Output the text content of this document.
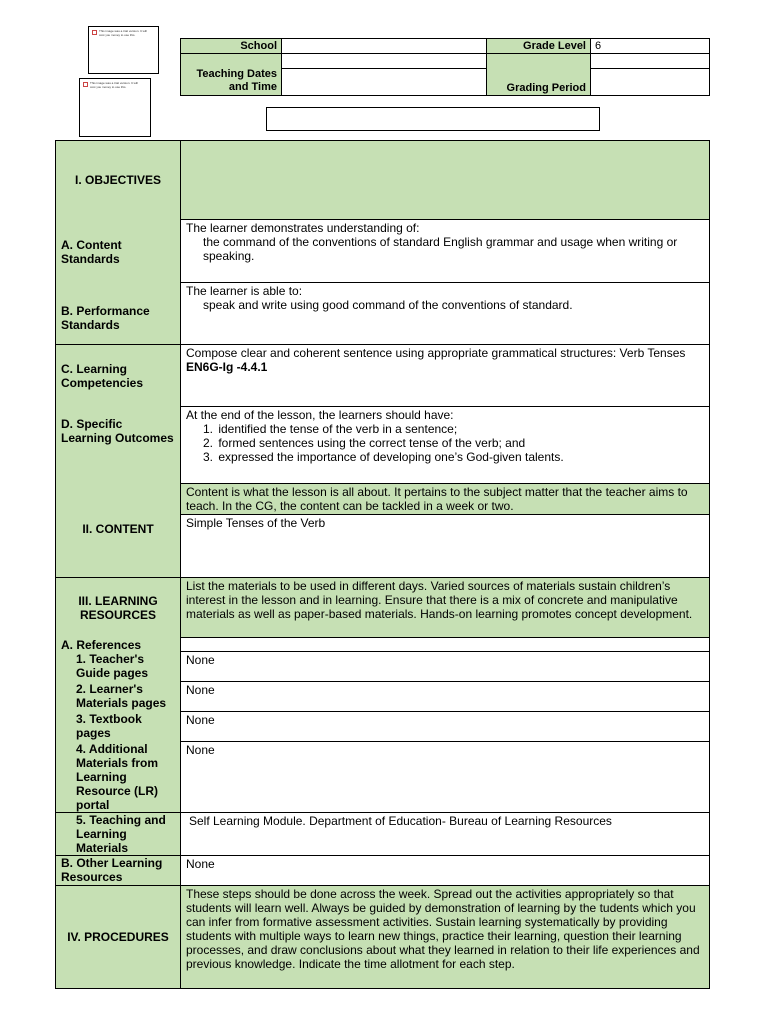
This image was a trial version. It will cost you money to use this.
This image was a trial version. It will cost you money to use this.
School		Grade Level	6
Teaching Dates and Time		Grading Period	

I. OBJECTIVES	
A. Content Standards	The learner demonstrates understanding of:
the command of the conventions of standard English grammar and usage when writing or speaking.

B. Performance Standards	The learner is able to:
speak and write using good command of the conventions of standard.

C. Learning Competencies	Compose clear and coherent sentence using appropriate grammatical structures: Verb Tenses EN6G-Ig -4.4.1
D. Specific Learning Outcomes	At the end of the lesson, the learners should have:
1. identified the tense of the verb in a sentence;
2. formed sentences using the correct tense of the verb; and
3. expressed the importance of developing one’s God-given talents.

II. CONTENT	Content is what the lesson is all about. It pertains to the subject matter that the teacher aims to teach. In the CG, the content can be tackled in a week or two.
	Simple Tenses of the Verb
III. LEARNING RESOURCES	List the materials to be used in different days. Varied sources of materials sustain children’s interest in the lesson and in learning. Ensure that there is a mix of concrete and manipulative materials as well as paper-based materials. Hands-on learning promotes concept development.
A. References	

1. Teacher's Guide pages	None

2. Learner's Materials pages	None

3. Textbook pages	None

4. Additional Materials from Learning Resource (LR) portal	None

5. Teaching and Learning Materials	Self Learning Module. Department of Education- Bureau of Learning Resources
B. Other Learning Resources	None
IV. PROCEDURES	These steps should be done across the week. Spread out the activities appropriately so that students will learn well. Always be guided by demonstration of learning by the tudents which you can infer from formative assessment activities. Sustain learning systematically by providing students with multiple ways to learn new things, practice their learning, question their learning processes, and draw conclusions about what they learned in relation to their life experiences and previous knowledge. Indicate the time allotment for each step.
